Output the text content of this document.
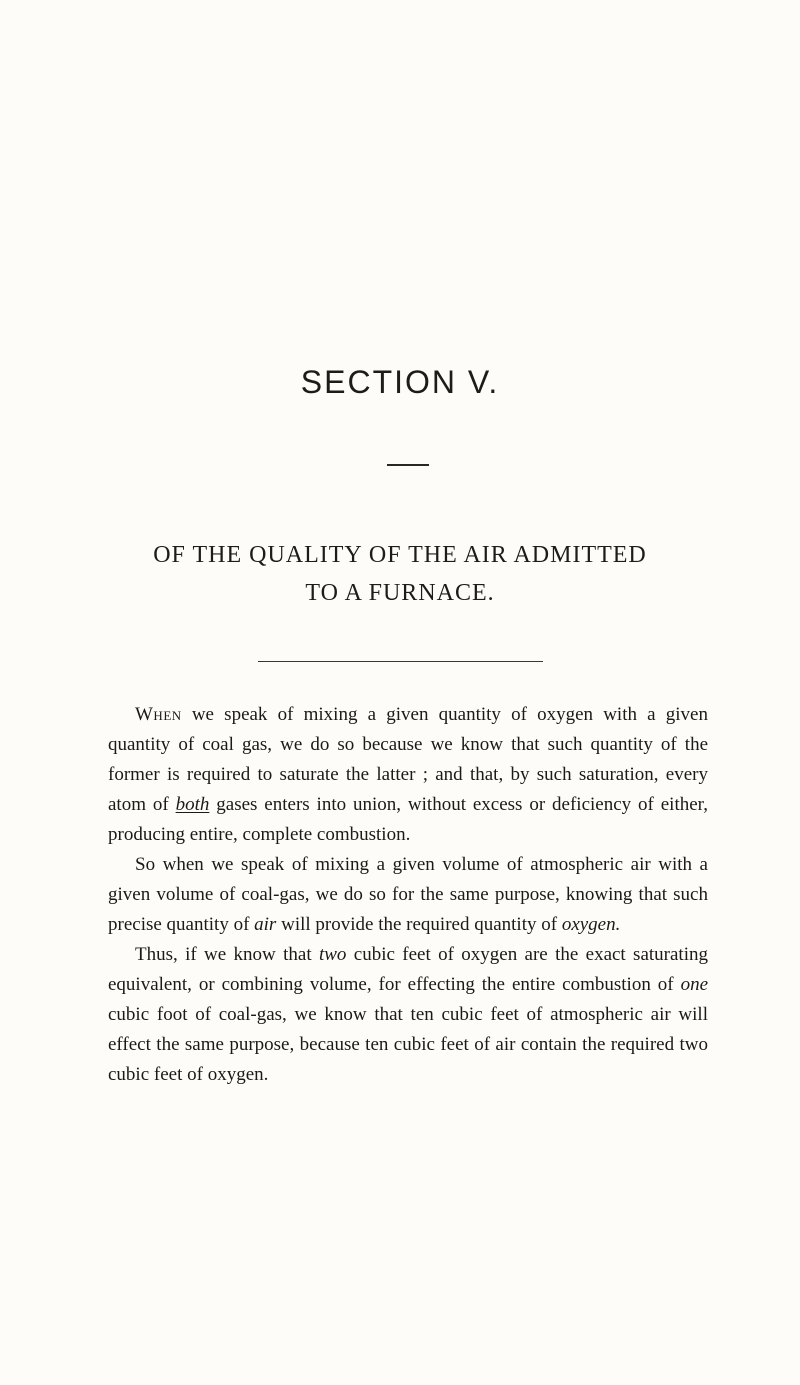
SECTION V.
OF THE QUALITY OF THE AIR ADMITTED
TO A FURNACE.

When we speak of mixing a given quantity of oxygen with a given quantity of coal gas, we do so because we know that such quantity of the former is required to saturate the latter ; and that, by such saturation, every atom of both gases enters into union, without excess or deficiency of either, producing entire, complete combustion.

So when we speak of mixing a given volume of atmospheric air with a given volume of coal-gas, we do so for the same purpose, knowing that such precise quantity of air will provide the required quantity of oxygen.

Thus, if we know that two cubic feet of oxygen are the exact saturating equivalent, or combining volume, for effecting the entire combustion of one cubic foot of coal-gas, we know that ten cubic feet of atmospheric air will effect the same purpose, because ten cubic feet of air contain the required two cubic feet of oxygen.
